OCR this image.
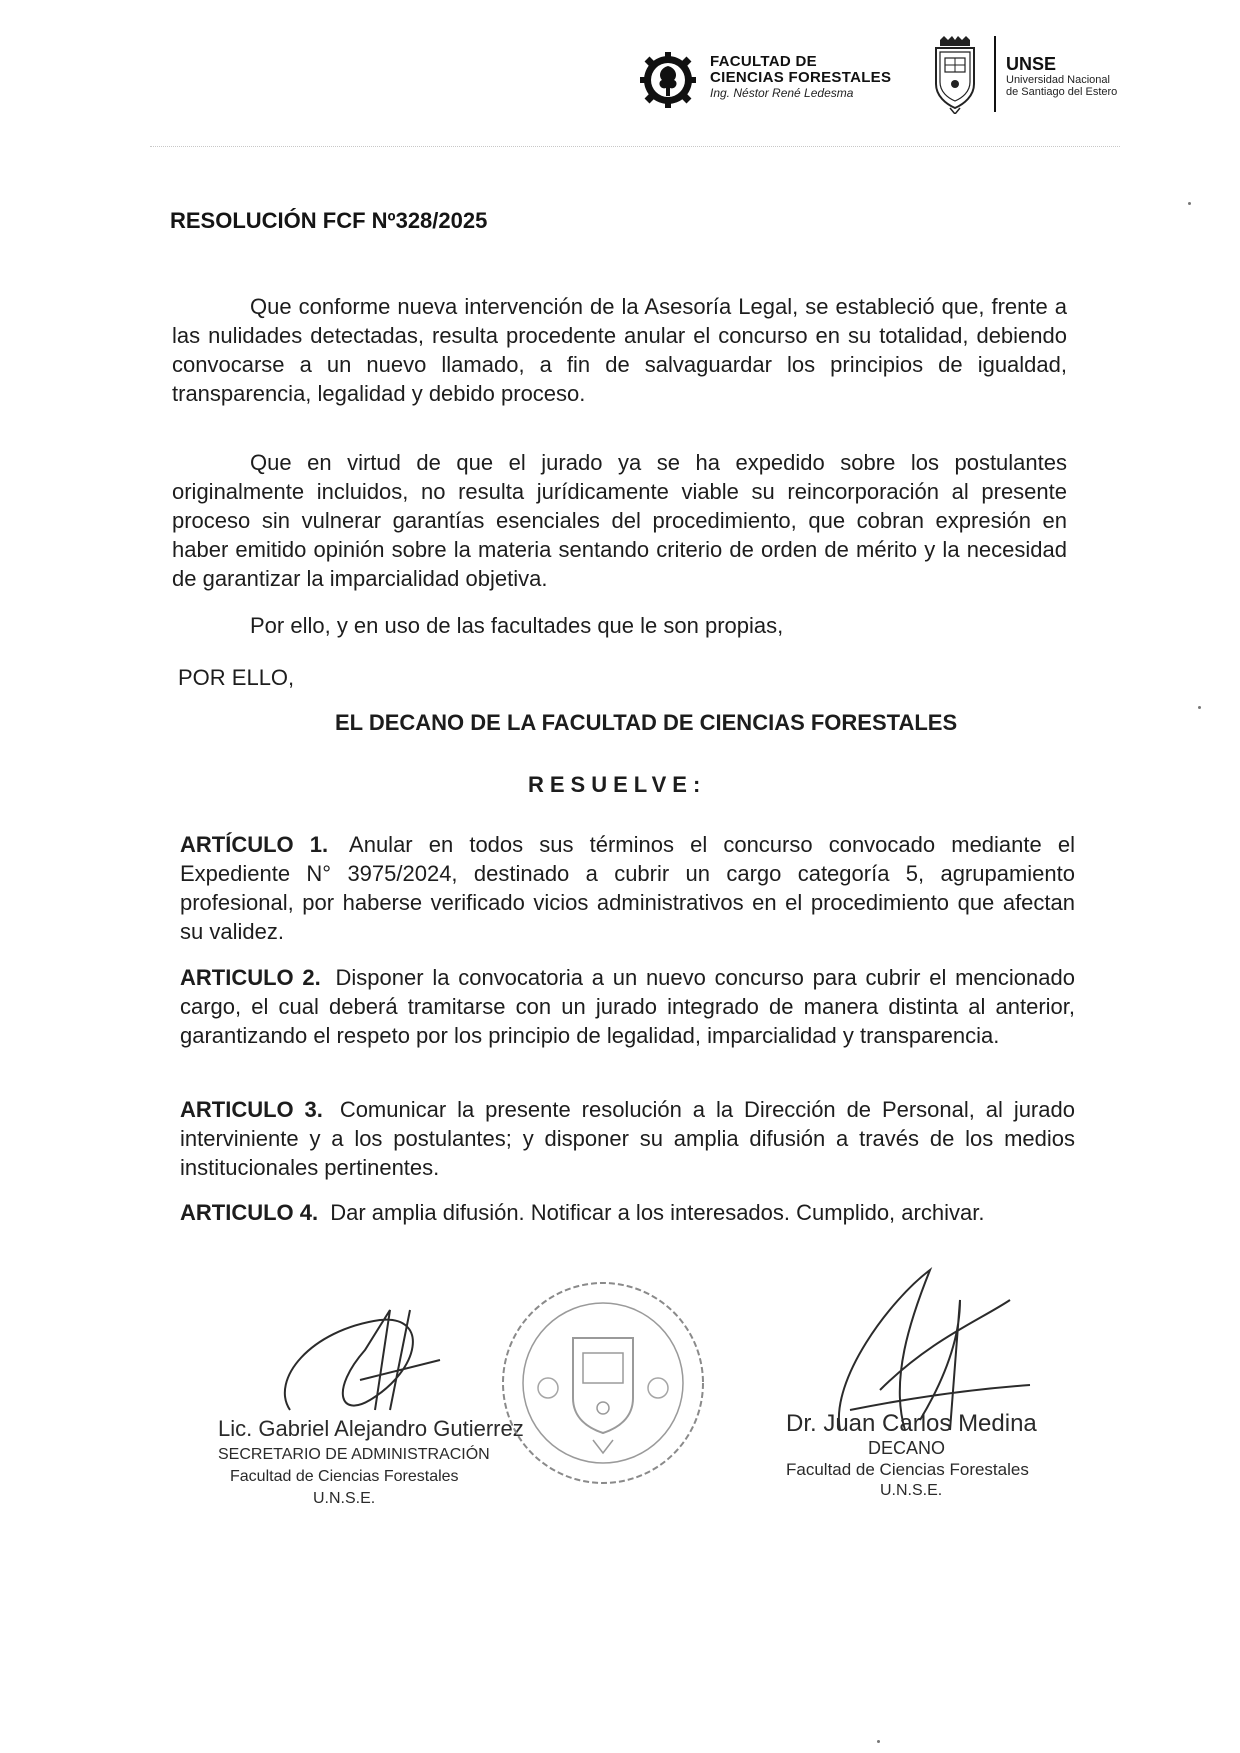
FACULTAD DE
CIENCIAS FORESTALES
Ing. Néstor René Ledesma
UNSE
Universidad Nacional
de Santiago del Estero
RESOLUCIÓN FCF Nº328/2025
Que conforme nueva intervención de la Asesoría Legal, se estableció que, frente a las nulidades detectadas, resulta procedente anular el concurso en su totalidad, debiendo convocarse a un nuevo llamado, a fin de salvaguardar los principios de igualdad, transparencia, legalidad y debido proceso.
Que en virtud de que el jurado ya se ha expedido sobre los postulantes originalmente incluidos, no resulta jurídicamente viable su reincorporación al presente proceso sin vulnerar garantías esenciales del procedimiento, que cobran expresión en haber emitido opinión sobre la materia sentando criterio de orden de mérito y la necesidad de garantizar la imparcialidad objetiva.
Por ello, y en uso de las facultades que le son propias,
POR ELLO,
EL DECANO DE LA FACULTAD DE CIENCIAS FORESTALES
RESUELVE:
ARTÍCULO 1. Anular en todos sus términos el concurso convocado mediante el Expediente N° 3975/2024, destinado a cubrir un cargo categoría 5, agrupamiento profesional, por haberse verificado vicios administrativos en el procedimiento que afectan su validez.
ARTICULO 2. Disponer la convocatoria a un nuevo concurso para cubrir el mencionado cargo, el cual deberá tramitarse con un jurado integrado de manera distinta al anterior, garantizando el respeto por los principio de legalidad, imparcialidad y transparencia.
ARTICULO 3. Comunicar la presente resolución a la Dirección de Personal, al jurado interviniente y a los postulantes; y disponer su amplia difusión a través de los medios institucionales pertinentes.
ARTICULO 4. Dar amplia difusión. Notificar a los interesados. Cumplido, archivar.
Lic. Gabriel Alejandro Gutierrez
SECRETARIO DE ADMINISTRACIÓN
Facultad de Ciencias Forestales
U.N.S.E.
Dr. Juan Carlos Medina
DECANO
Facultad de Ciencias Forestales
U.N.S.E.
